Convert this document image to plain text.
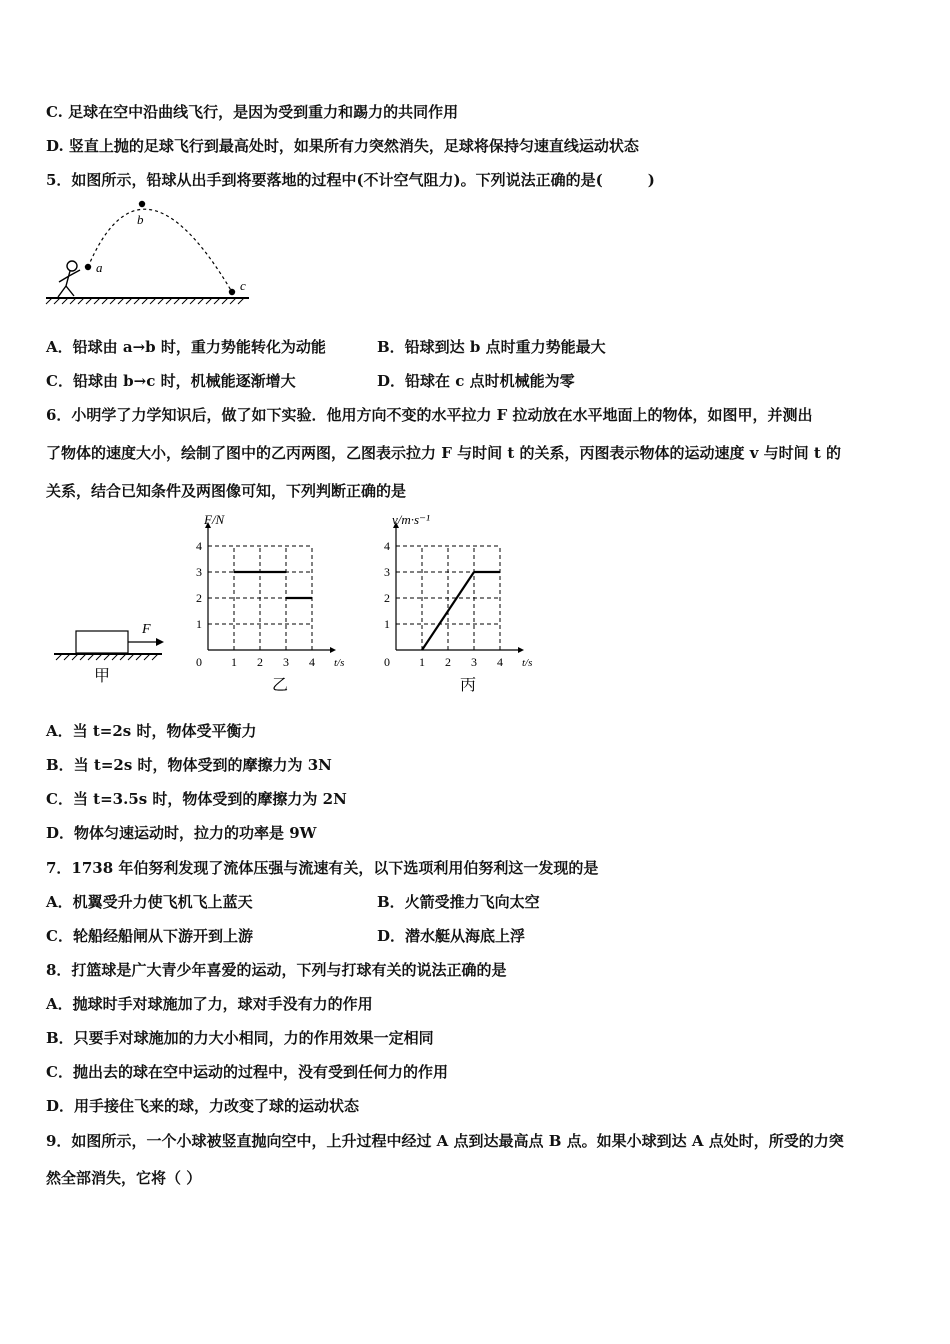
C. 足球在空中沿曲线飞行，是因为受到重力和踢力的共同作用
D. 竖直上抛的足球飞行到最高处时，如果所有力突然消失，足球将保持匀速直线运动状态
5．如图所示，铅球从出手到将要落地的过程中(不计空气阻力)。下列说法正确的是(　　　)
a
b
c
A．铅球由 a→b 时，重力势能转化为动能	B．铅球到达 b 点时重力势能最大
C．铅球由 b→c 时，机械能逐渐增大	D．铅球在 c 点时机械能为零
6．小明学了力学知识后，做了如下实验．他用方向不变的水平拉力 F 拉动放在水平地面上的物体，如图甲，并测出
了物体的速度大小，绘制了图中的乙丙两图，乙图表示拉力 F 与时间 t 的关系，丙图表示物体的运动速度 v 与时间 t 的
关系，结合已知条件及两图像可知，下列判断正确的是
F
甲
0 1 2 3 4
1
2
3
4
F/N
t/s
乙
0 1 2 3 4
1
2
3
4
v/m·s⁻¹
t/s
丙
A．当 t=2s 时，物体受平衡力
B．当 t=2s 时，物体受到的摩擦力为 3N
C．当 t=3.5s 时，物体受到的摩擦力为 2N
D．物体匀速运动时，拉力的功率是 9W
7．1738 年伯努利发现了流体压强与流速有关，以下选项利用伯努利这一发现的是
A．机翼受升力使飞机飞上蓝天	B．火箭受推力飞向太空
C．轮船经船闸从下游开到上游	D．潜水艇从海底上浮
8．打篮球是广大青少年喜爱的运动，下列与打球有关的说法正确的是
A．抛球时手对球施加了力，球对手没有力的作用
B．只要手对球施加的力大小相同，力的作用效果一定相同
C．抛出去的球在空中运动的过程中，没有受到任何力的作用
D．用手接住飞来的球，力改变了球的运动状态
9．如图所示，一个小球被竖直抛向空中，上升过程中经过 A 点到达最高点 B 点。如果小球到达 A 点处时，所受的力突
然全部消失，它将（ ）
